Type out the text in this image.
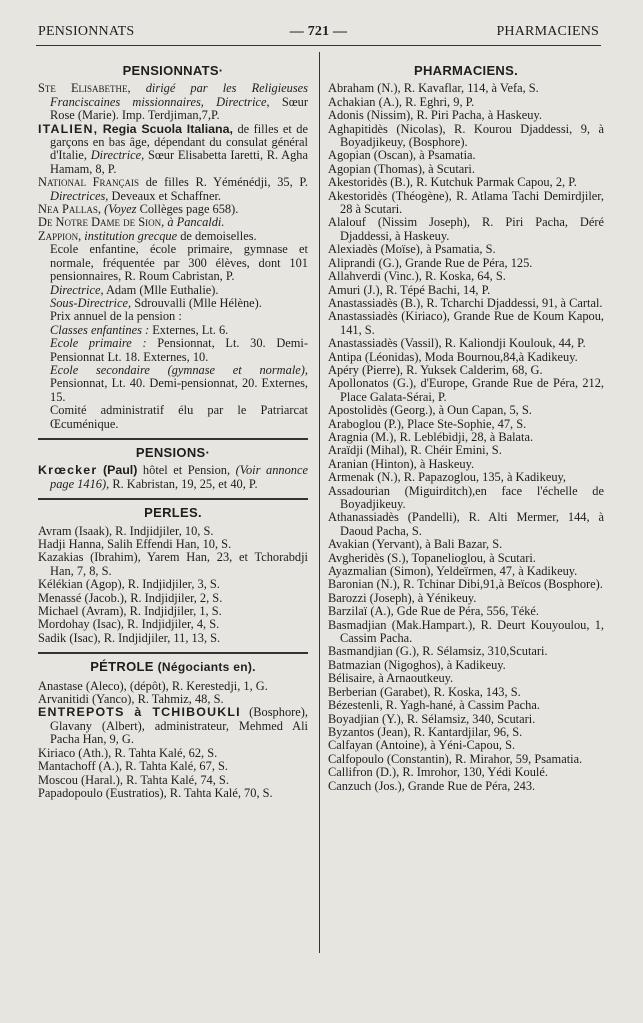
PENSIONNATS	— 721 —	PHARMACIENS
PENSIONNATS·

Ste Elisabethe, dirigé par les Religieuses Franciscaines missionnaires, Directrice, Sœur Rose (Marie). Imp. Terdjiman,7,P.

ITALIEN, Regia Scuola Italiana, de filles et de garçons en bas âge, dépendant du consulat général d'Italie, Directrice, Sœur Elisabetta Iaretti, R. Agha Hamam, 8, P.

National Français de filles R. Yéménédji, 35, P. Directrices, Deveaux et Schaffner.

Nea Pallas, (Voyez Collèges page 658).

De Notre Dame de Sion, à Pancaldi.

Zappion, institution grecque de demoiselles.

Ecole enfantine, école primaire, gymnase et normale, fréquentée par 300 élèves, dont 101 pensionnaires, R. Roum Cabristan, P.

Directrice, Adam (Mlle Euthalie).

Sous-Directrice, Sdrouvalli (Mlle Hélène).

Prix annuel de la pension :

Classes enfantines : Externes, Lt. 6.

Ecole primaire : Pensionnat, Lt. 30. Demi-Pensionnat Lt. 18. Externes, 10.

Ecole secondaire (gymnase et normale), Pensionnat, Lt. 40. Demi-pensionnat, 20. Externes, 15.

Comité administratif élu par le Patriarcat Œcuménique.

PENSIONS·

Krœcker (Paul) hôtel et Pension, (Voir annonce page 1416), R. Kabristan, 19, 25, et 40, P.

PERLES.

Avram (Isaak), R. Indjidjiler, 10, S.

Hadji Hanna, Salih Effendi Han, 10, S.

Kazakias (Ibrahim), Yarem Han, 23, et Tchorabdji Han, 7, 8, S.

Kélékian (Agop), R. Indjidjiler, 3, S.

Menassé (Jacob.), R. Indjidjiler, 2, S.

Michael (Avram), R. Indjidjiler, 1, S.

Mordohay (Isac), R. Indjidjiler, 4, S.

Sadik (Isac), R. Indjidjiler, 11, 13, S.

PÉTROLE (Négociants en).

Anastase (Aleco), (dépôt), R. Kerestedji, 1, G.

Arvanitidi (Yanco), R. Tahmiz, 48, S.

ENTREPOTS à TCHIBOUKLI (Bosphore), Glavany (Albert), administrateur, Mehmed Ali Pacha Han, 9, G.

Kiriaco (Ath.), R. Tahta Kalé, 62, S.

Mantachoff (A.), R. Tahta Kalé, 67, S.

Moscou (Haral.), R. Tahta Kalé, 74, S.

Papadopoulo (Eustratios), R. Tahta Kalé, 70, S.

PHARMACIENS.

Abraham (N.), R. Kavaflar, 114, à Vefa, S.

Achakian (A.), R. Eghri, 9, P.

Adonis (Nissim), R. Piri Pacha, à Haskeuy.

Aghapitidès (Nicolas), R. Kourou Djaddessi, 9, à Boyadjikeuy, (Bosphore).

Agopian (Oscan), à Psamatia.

Agopian (Thomas), à Scutari.

Akestoridès (B.), R. Kutchuk Parmak Capou, 2, P.

Akestoridès (Théogène), R. Atlama Tachi Demirdjiler, 28 à Scutari.

Alalouf (Nissim Joseph), R. Piri Pacha, Déré Djaddessi, à Haskeuy.

Alexiadès (Moïse), à Psamatia, S.

Aliprandi (G.), Grande Rue de Péra, 125.

Allahverdi (Vinc.), R. Koska, 64, S.

Amuri (J.), R. Tépé Bachi, 14, P.

Anastassiadès (B.), R. Tcharchi Djaddessi, 91, à Cartal.

Anastassiadès (Kiriaco), Grande Rue de Koum Kapou, 141, S.

Anastassiadès (Vassil), R. Kaliondji Koulouk, 44, P.

Antipa (Léonidas), Moda Bournou,84,à Kadikeuy.

Apéry (Pierre), R. Yuksek Calderim, 68, G.

Apollonatos (G.), d'Europe, Grande Rue de Péra, 212, Place Galata-Sérai, P.

Apostolidès (Georg.), à Oun Capan, 5, S.

Araboglou (P.), Place Ste-Sophie, 47, S.

Aragnia (M.), R. Leblébidji, 28, à Balata.

Araïdji (Mihal), R. Chéir Emini, S.

Aranian (Hinton), à Haskeuy.

Armenak (N.), R. Papazoglou, 135, à Kadikeuy,

Assadourian (Miguirditch),en face l'échelle de Boyadjikeuy.

Athanassiadès (Pandelli), R. Alti Mermer, 144, à Daoud Pacha, S.

Avakian (Yervant), à Bali Bazar, S.

Avgheridès (S.), Topanelioglou, à Scutari.

Ayazmalian (Simon), Yeldeïrmen, 47, à Kadikeuy.

Baronian (N.), R. Tchinar Dibi,91,à Beïcos (Bosphore).

Barozzi (Joseph), à Yénikeuy.

Barzilaï (A.), Gde Rue de Péra, 556, Téké.

Basmadjian (Mak.Hampart.), R. Deurt Kouyoulou, 1, Cassim Pacha.

Basmandjian (G.), R. Sélamsiz, 310,Scutari.

Batmazian (Nigoghos), à Kadikeuy.

Bélisaire, à Arnaoutkeuy.

Berberian (Garabet), R. Koska, 143, S.

Bézestenli, R. Yagh-hané, à Cassim Pacha.

Boyadjian (Y.), R. Sélamsiz, 340, Scutari.

Byzantos (Jean), R. Kantardjilar, 96, S.

Calfayan (Antoine), à Yéni-Capou, S.

Calfopoulo (Constantin), R. Mirahor, 59, Psamatia.

Callifron (D.), R. Imrohor, 130, Yédi Koulé.

Canzuch (Jos.), Grande Rue de Péra, 243.
